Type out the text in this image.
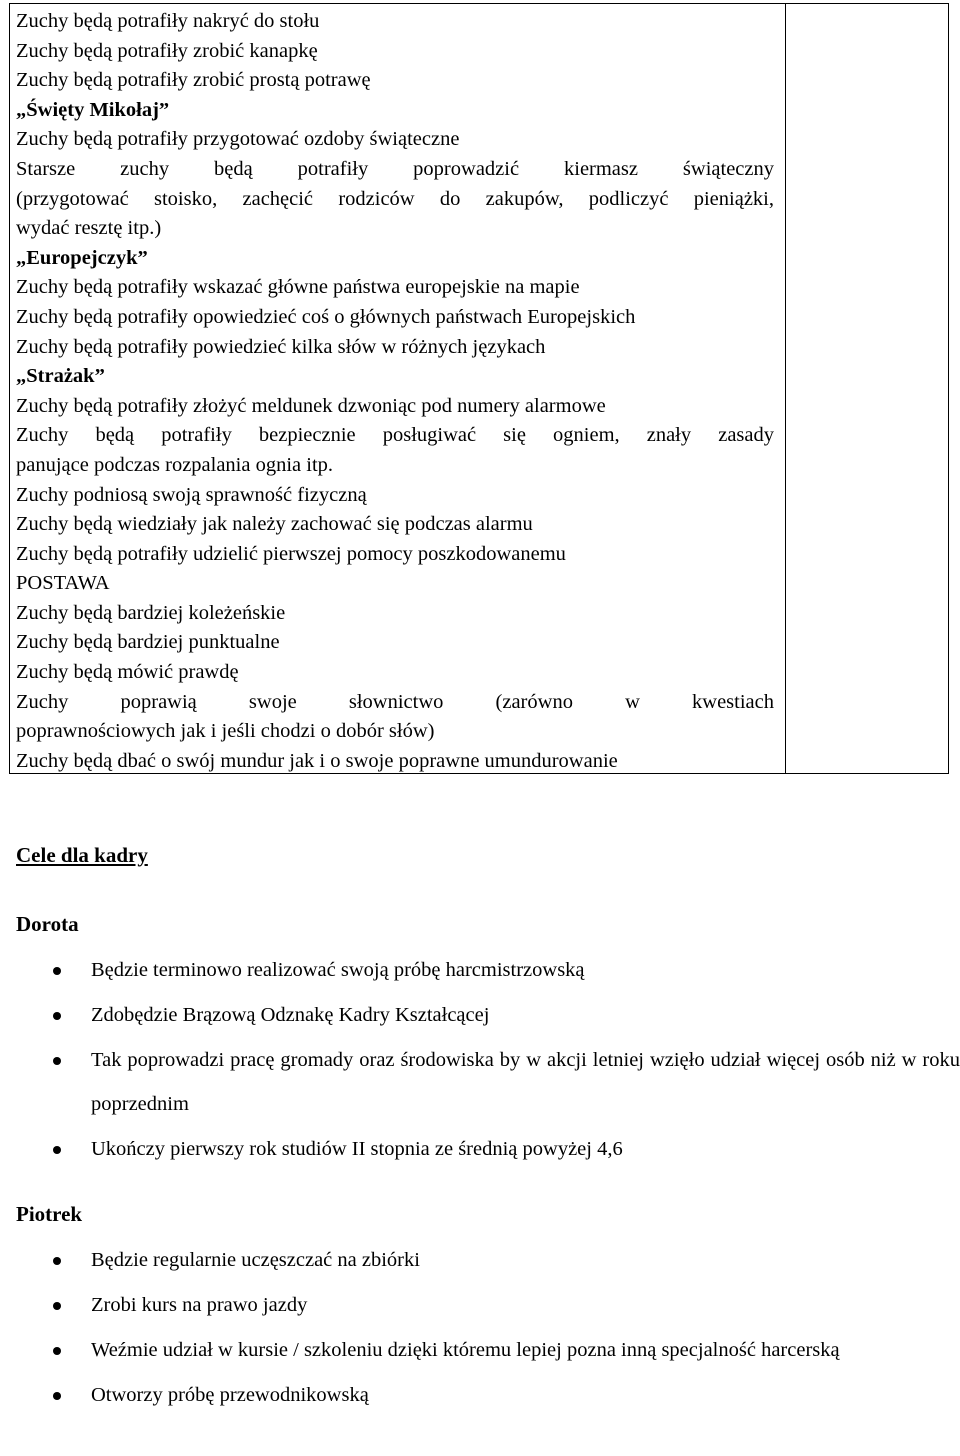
Zuchy będą potrafiły nakryć do stołu
Zuchy będą potrafiły zrobić kanapkę
Zuchy będą potrafiły zrobić prostą potrawę
„Święty Mikołaj”
Zuchy będą potrafiły przygotować ozdoby świąteczne
Starsze zuchy będą potrafiły poprowadzić kiermasz świąteczny
(przygotować stoisko, zachęcić rodziców do zakupów, podliczyć pieniążki,
wydać resztę itp.)
„Europejczyk”
Zuchy będą potrafiły wskazać główne państwa europejskie na mapie
Zuchy będą potrafiły opowiedzieć coś o głównych państwach Europejskich
Zuchy będą potrafiły powiedzieć kilka słów w różnych językach
„Strażak”
Zuchy będą potrafiły złożyć meldunek dzwoniąc pod numery alarmowe
Zuchy będą potrafiły bezpiecznie posługiwać się ogniem, znały zasady
panujące podczas rozpalania ognia itp.
Zuchy podniosą swoją sprawność fizyczną
Zuchy będą wiedziały jak należy zachować się podczas alarmu
Zuchy będą potrafiły udzielić pierwszej pomocy poszkodowanemu
POSTAWA
Zuchy będą bardziej koleżeńskie
Zuchy będą bardziej punktualne
Zuchy będą mówić prawdę
Zuchy poprawią swoje słownictwo (zarówno w kwestiach
poprawnościowych jak i jeśli chodzi o dobór słów)
Zuchy będą dbać o swój mundur jak i o swoje poprawne umundurowanie
Cele dla kadry
Dorota
Będzie terminowo realizować swoją próbę harcmistrzowską
Zdobędzie Brązową Odznakę Kadry Kształcącej
Tak poprowadzi pracę gromady oraz środowiska by w akcji letniej wzięło udział więcej osób niż w roku poprzednim
Ukończy pierwszy rok studiów II stopnia ze średnią powyżej 4,6
Piotrek
Będzie regularnie uczęszczać na zbiórki
Zrobi kurs na prawo jazdy
Weźmie udział w kursie / szkoleniu dzięki któremu lepiej pozna inną specjalność harcerską
Otworzy próbę przewodnikowską
